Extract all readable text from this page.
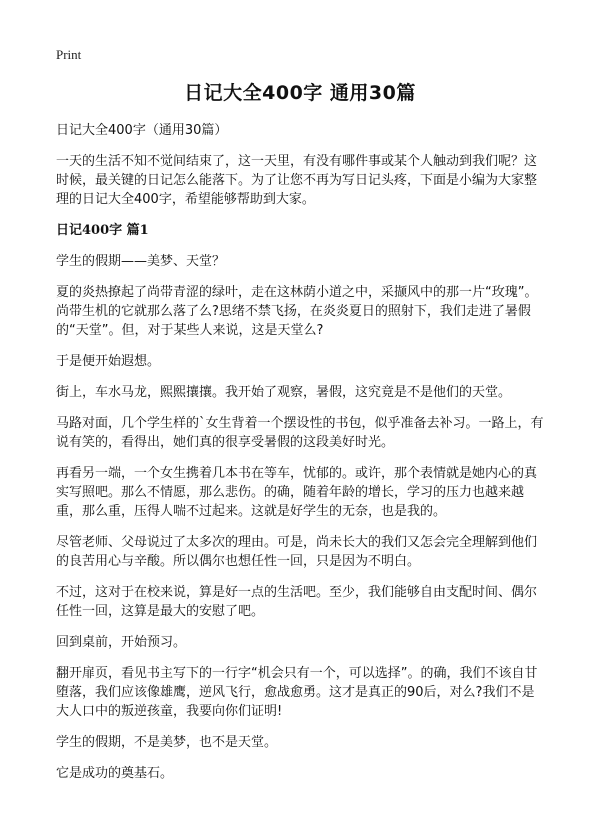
Print
日记大全400字 通用30篇

日记大全400字（通用30篇）

一天的生活不知不觉间结束了，这一天里，有没有哪件事或某个人触动到我们呢？这时候，最关键的日记怎么能落下。为了让您不再为写日记头疼，下面是小编为大家整理的日记大全400字，希望能够帮助到大家。

日记400字 篇1

学生的假期——美梦、天堂？

夏的炎热撩起了尚带青涩的绿叶，走在这林荫小道之中，采撷风中的那一片“玫瑰”。尚带生机的它就那么落了么?思绪不禁飞扬，在炎炎夏日的照射下，我们走进了暑假的“天堂”。但，对于某些人来说，这是天堂么?

于是便开始遐想。

街上，车水马龙，熙熙攘攘。我开始了观察，暑假，这究竟是不是他们的天堂。

马路对面，几个学生样的`女生背着一个摆设性的书包，似乎准备去补习。一路上，有说有笑的，看得出，她们真的很享受暑假的这段美好时光。

再看另一端，一个女生携着几本书在等车，忧郁的。或许，那个表情就是她内心的真实写照吧。那么不情愿，那么悲伤。的确，随着年龄的增长，学习的压力也越来越重，那么重，压得人喘不过起来。这就是好学生的无奈，也是我的。

尽管老师、父母说过了太多次的理由。可是，尚未长大的我们又怎会完全理解到他们的良苦用心与辛酸。所以偶尔也想任性一回，只是因为不明白。

不过，这对于在校来说，算是好一点的生活吧。至少，我们能够自由支配时间、偶尔任性一回，这算是最大的安慰了吧。

回到桌前，开始预习。

翻开扉页，看见书主写下的一行字“机会只有一个，可以选择”。的确，我们不该自甘堕落，我们应该像雄鹰，逆风飞行，愈战愈勇。这才是真正的90后，对么?我们不是大人口中的叛逆孩童，我要向你们证明!

学生的假期，不是美梦，也不是天堂。

它是成功的奠基石。
